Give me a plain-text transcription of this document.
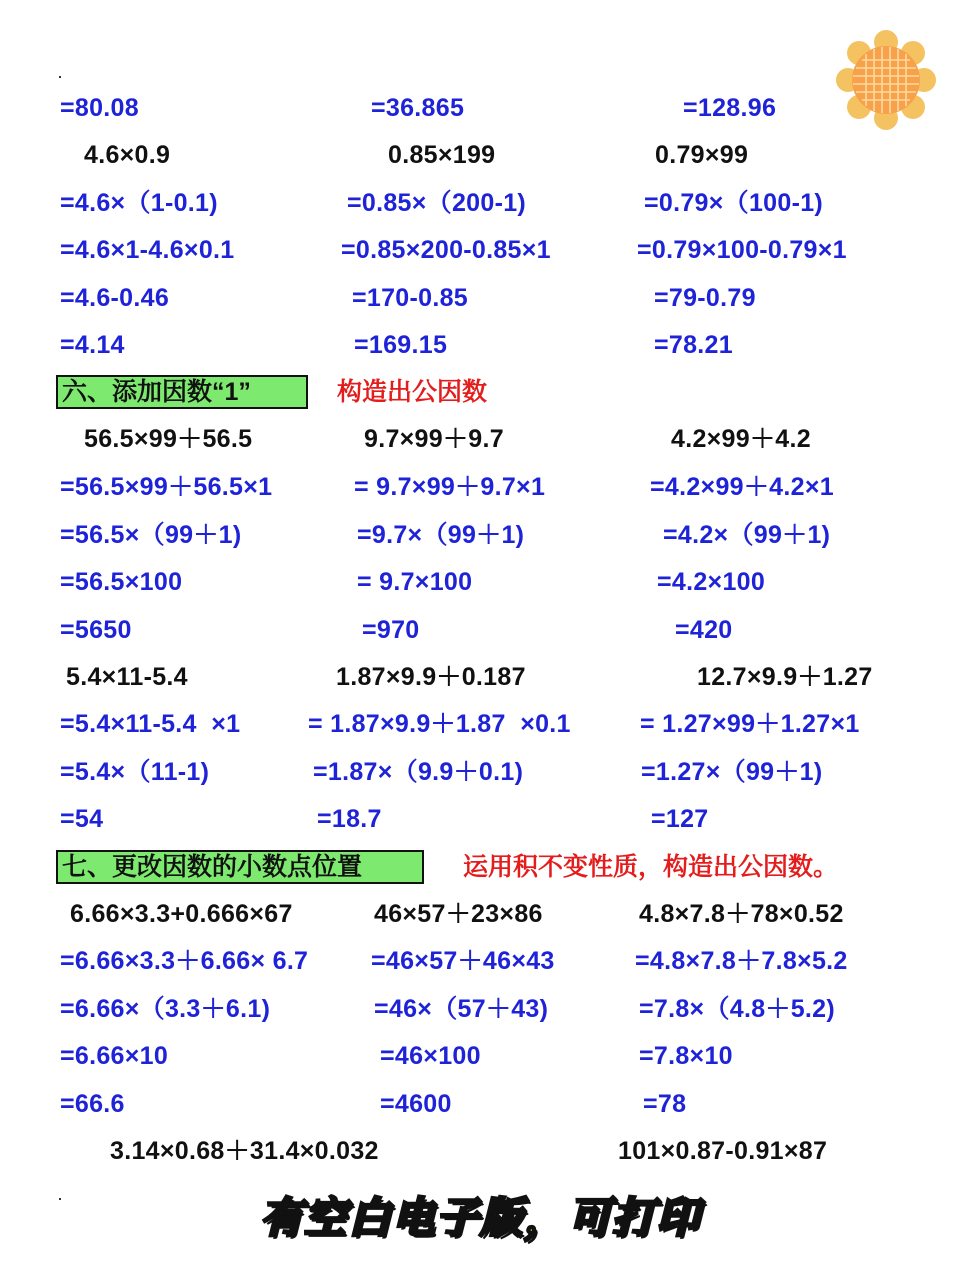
=80.08	=36.865	=128.96
4.6×0.9	0.85×199	0.79×99
=4.6×（1-0.1)	=0.85×（200-1)	=0.79×（100-1)
=4.6×1-4.6×0.1	=0.85×200-0.85×1	=0.79×100-0.79×1
=4.6-0.46	=170-0.85	=79-0.79
=4.14	=169.15	=78.21
六、添加因数“1”	构造出公因数
56.5×99＋56.5	9.7×99＋9.7	4.2×99＋4.2
=56.5×99＋56.5×1	= 9.7×99＋9.7×1	=4.2×99＋4.2×1
=56.5×（99＋1)	=9.7×（99＋1)	=4.2×（99＋1)
=56.5×100	= 9.7×100	=4.2×100
=5650	=970	=420
5.4×11-5.4	1.87×9.9＋0.187	12.7×9.9＋1.27
=5.4×11-5.4  ×1	= 1.87×9.9＋1.87  ×0.1	= 1.27×99＋1.27×1
=5.4×（11-1)	=1.87×（9.9＋0.1)	=1.27×（99＋1)
=54	=18.7	=127
七、更改因数的小数点位置	运用积不变性质，构造出公因数。
6.66×3.3+0.666×67	46×57＋23×86	4.8×7.8＋78×0.52
=6.66×3.3＋6.66× 6.7	=46×57＋46×43	=4.8×7.8＋7.8×5.2
=6.66×（3.3＋6.1)	=46×（57＋43)	=7.8×（4.8＋5.2)
=6.66×10	=46×100	=7.8×10
=66.6	=4600	=78
3.14×0.68＋31.4×0.032	101×0.87-0.91×87
有空白电子版，可打印
